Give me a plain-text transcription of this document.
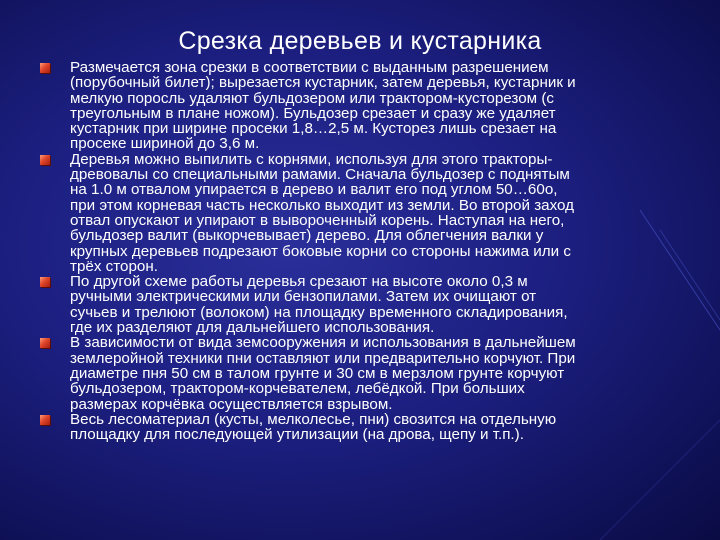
Срезка деревьев и кустарника
Размечается зона срезки в соответствии с выданным разрешением
(порубочный билет); вырезается кустарник, затем деревья, кустарник и
мелкую поросль удаляют бульдозером или трактором-кусторезом (с
треугольным в плане ножом). Бульдозер срезает и сразу же удаляет
кустарник при ширине просеки 1,8…2,5 м. Кусторез лишь срезает на
просеке шириной до 3,6 м.
Деревья можно выпилить с корнями, используя для этого тракторы-
древовалы со специальными рамами. Сначала бульдозер с поднятым
на 1.0 м отвалом упирается в дерево и валит его под углом 50…60о,
при этом корневая часть несколько выходит из земли. Во второй заход
отвал опускают и упирают в вывороченный корень. Наступая на него,
бульдозер валит (выкорчевывает) дерево. Для облегчения валки у
крупных деревьев подрезают боковые корни со стороны нажима или с
трёх сторон.
По другой схеме работы деревья срезают на высоте около 0,3 м
ручными электрическими или бензопилами. Затем их очищают от
сучьев и трелюют (волоком) на площадку временного складирования,
где их разделяют для дальнейшего использования.
В зависимости от вида земсооружения и использования в дальнейшем
землеройной техники пни оставляют или предварительно корчуют. При
диаметре пня 50 см в талом грунте и 30 см в мерзлом грунте корчуют
бульдозером, трактором-корчевателем, лебёдкой. При больших
размерах корчёвка осуществляется взрывом.
Весь лесоматериал (кусты, мелколесье, пни) свозится на отдельную
площадку для последующей утилизации (на дрова, щепу и т.п.).
